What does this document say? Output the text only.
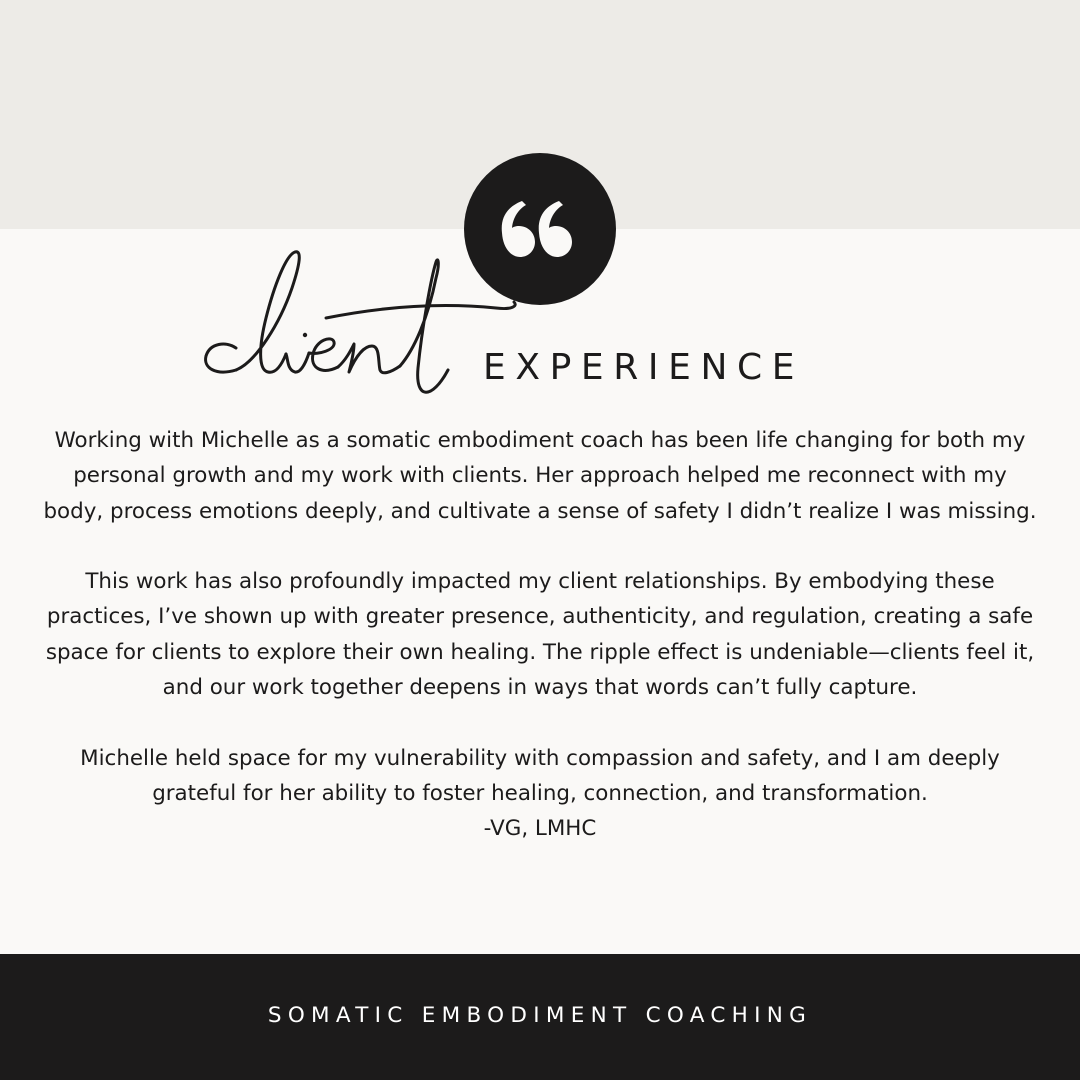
EXPERIENCE

Working with Michelle as a somatic embodiment coach has been life changing for both my personal growth and my work with clients. Her approach helped me reconnect with my body, process emotions deeply, and cultivate a sense of safety I didn’t realize I was missing.

This work has also profoundly impacted my client relationships. By embodying these practices, I’ve shown up with greater presence, authenticity, and regulation, creating a safe space for clients to explore their own healing. The ripple effect is undeniable—clients feel it, and our work together deepens in ways that words can’t fully capture.

Michelle held space for my vulnerability with compassion and safety, and I am deeply grateful for her ability to foster healing, connection, and transformation.

-VG, LMHC
SOMATIC EMBODIMENT COACHING
